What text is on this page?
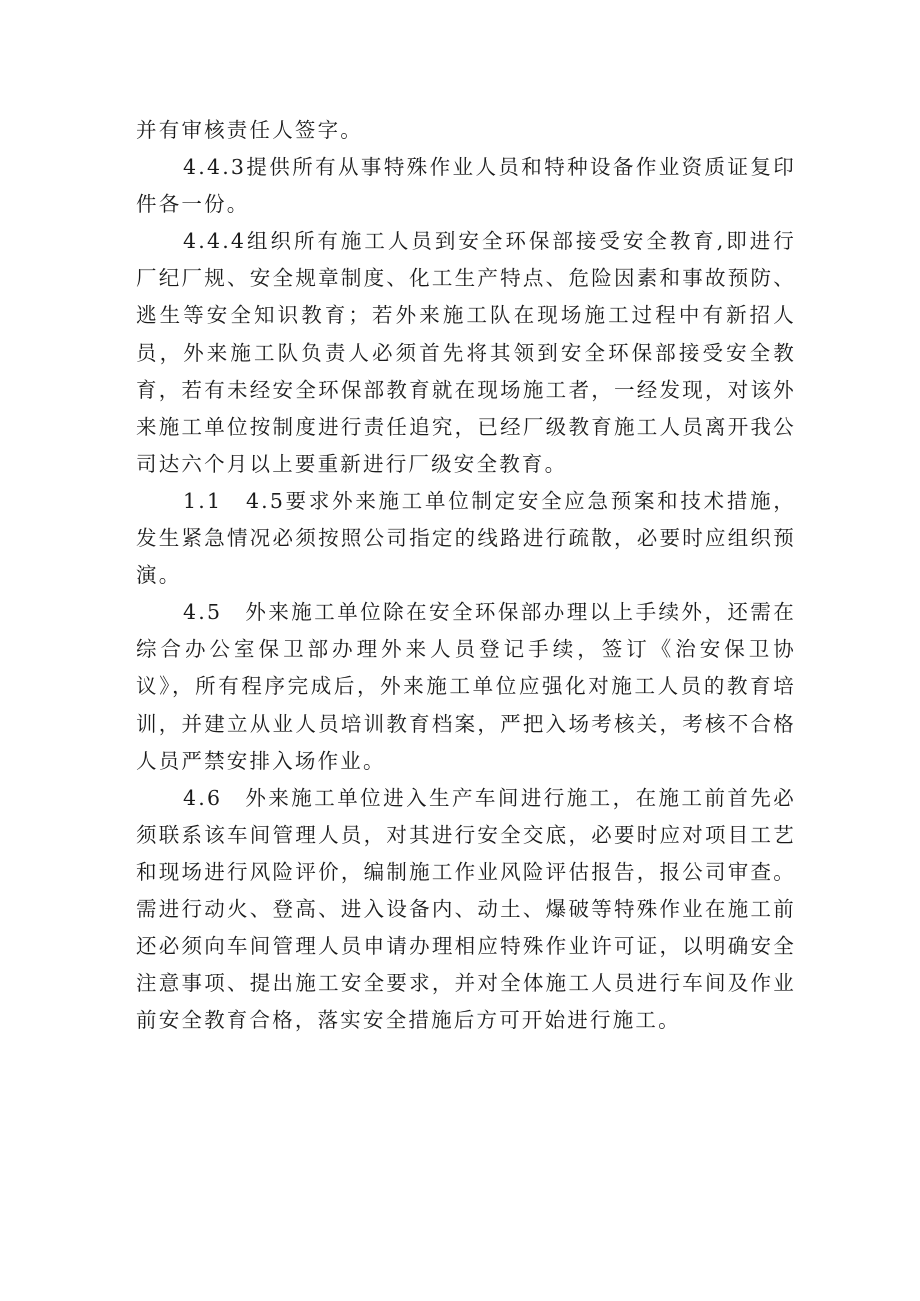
并有审核责任人签字。

4.4.3提供所有从事特殊作业人员和特种设备作业资质证复印件各一份。

4.4.4组织所有施工人员到安全环保部接受安全教育,即进行厂纪厂规、安全规章制度、化工生产特点、危险因素和事故预防、逃生等安全知识教育；若外来施工队在现场施工过程中有新招人员，外来施工队负责人必须首先将其领到安全环保部接受安全教育，若有未经安全环保部教育就在现场施工者，一经发现，对该外来施工单位按制度进行责任追究，已经厂级教育施工人员离开我公司达六个月以上要重新进行厂级安全教育。

1.1　4.5要求外来施工单位制定安全应急预案和技术措施，发生紧急情况必须按照公司指定的线路进行疏散，必要时应组织预演。

4.5　外来施工单位除在安全环保部办理以上手续外，还需在综合办公室保卫部办理外来人员登记手续，签订《治安保卫协议》，所有程序完成后，外来施工单位应强化对施工人员的教育培训，并建立从业人员培训教育档案，严把入场考核关，考核不合格人员严禁安排入场作业。

4.6　外来施工单位进入生产车间进行施工，在施工前首先必须联系该车间管理人员，对其进行安全交底，必要时应对项目工艺和现场进行风险评价，编制施工作业风险评估报告，报公司审查。需进行动火、登高、进入设备内、动土、爆破等特殊作业在施工前还必须向车间管理人员申请办理相应特殊作业许可证，以明确安全注意事项、提出施工安全要求，并对全体施工人员进行车间及作业前安全教育合格，落实安全措施后方可开始进行施工。
